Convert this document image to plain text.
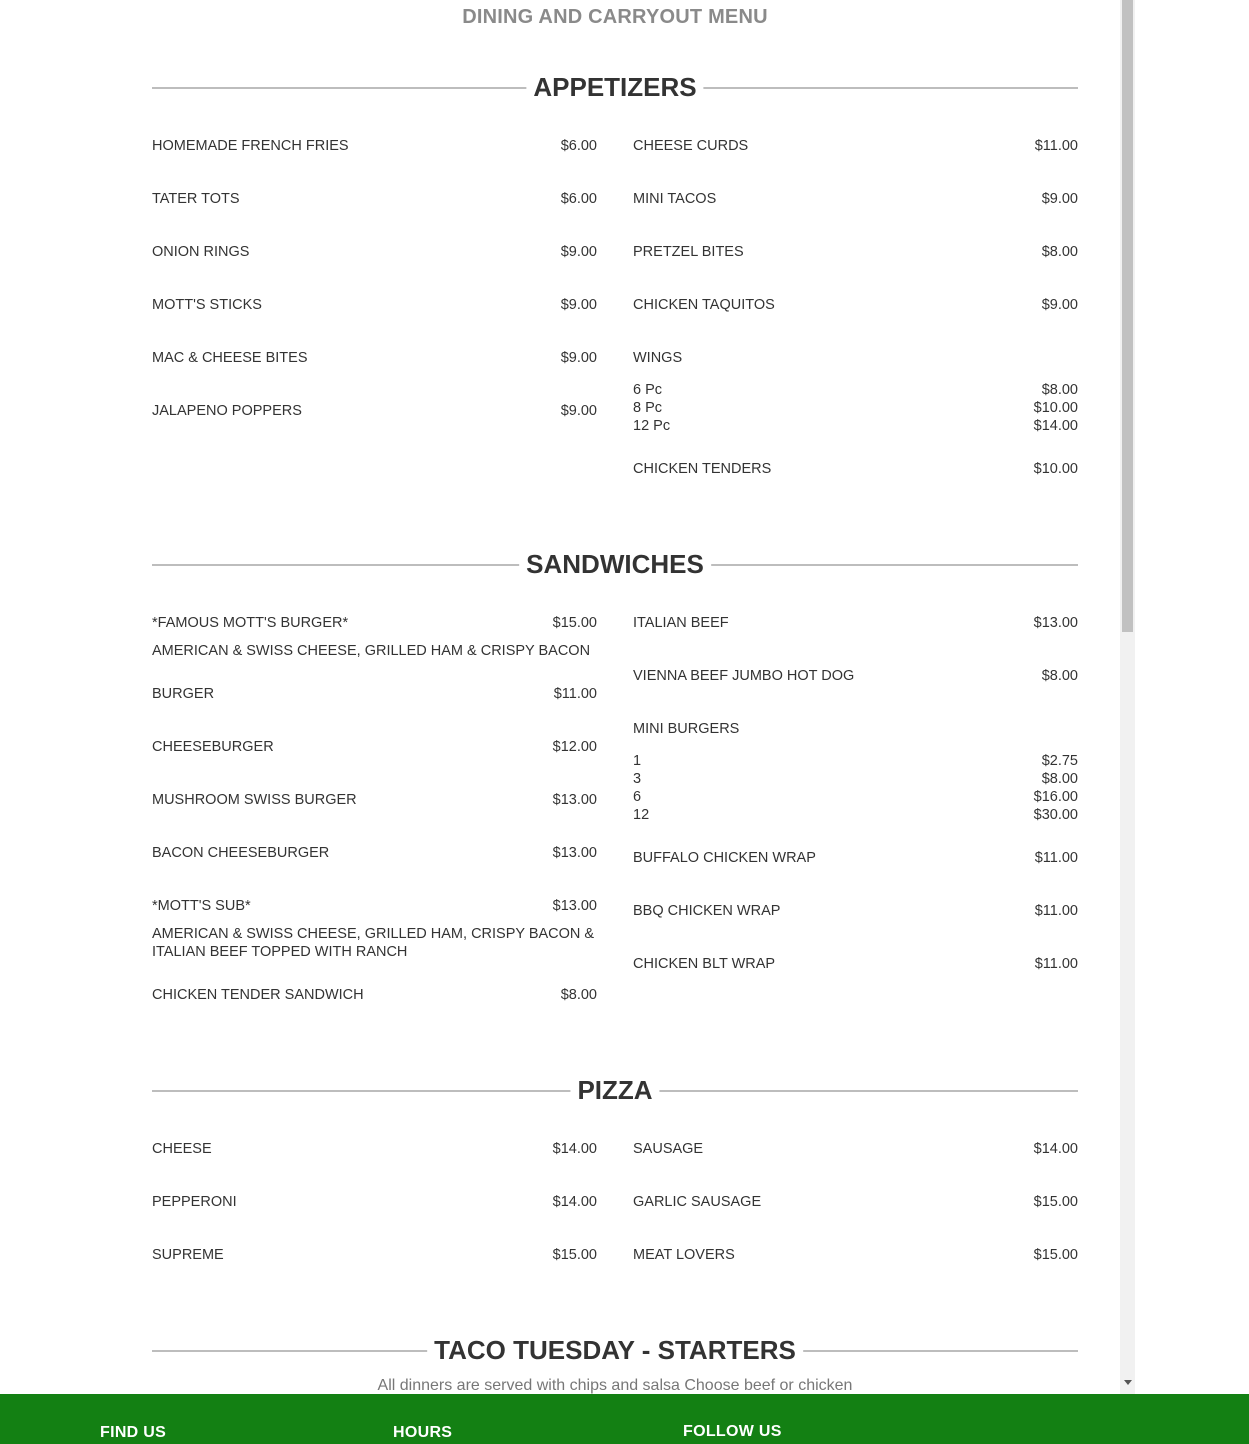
DINING AND CARRYOUT MENU
APPETIZERS
HOMEMADE FRENCH FRIES	$6.00
TATER TOTS	$6.00
ONION RINGS	$9.00
MOTT'S STICKS	$9.00
MAC & CHEESE BITES	$9.00
JALAPENO POPPERS	$9.00
CHEESE CURDS	$11.00
MINI TACOS	$9.00
PRETZEL BITES	$8.00
CHICKEN TAQUITOS	$9.00
WINGS
6 Pc	$8.00
8 Pc	$10.00
12 Pc	$14.00
CHICKEN TENDERS	$10.00
SANDWICHES
*FAMOUS MOTT'S BURGER*	$15.00
AMERICAN & SWISS CHEESE, GRILLED HAM & CRISPY BACON
BURGER	$11.00
CHEESEBURGER	$12.00
MUSHROOM SWISS BURGER	$13.00
BACON CHEESEBURGER	$13.00
*MOTT'S SUB*	$13.00
AMERICAN & SWISS CHEESE, GRILLED HAM, CRISPY BACON & ITALIAN BEEF TOPPED WITH RANCH
CHICKEN TENDER SANDWICH	$8.00
ITALIAN BEEF	$13.00
VIENNA BEEF JUMBO HOT DOG	$8.00
MINI BURGERS
1	$2.75
3	$8.00
6	$16.00
12	$30.00
BUFFALO CHICKEN WRAP	$11.00
BBQ CHICKEN WRAP	$11.00
CHICKEN BLT WRAP	$11.00
PIZZA
CHEESE	$14.00
PEPPERONI	$14.00
SUPREME	$15.00
SAUSAGE	$14.00
GARLIC SAUSAGE	$15.00
MEAT LOVERS	$15.00
TACO TUESDAY - STARTERS
All dinners are served with chips and salsa Choose beef or chicken
FIND US	HOURS	FOLLOW US
